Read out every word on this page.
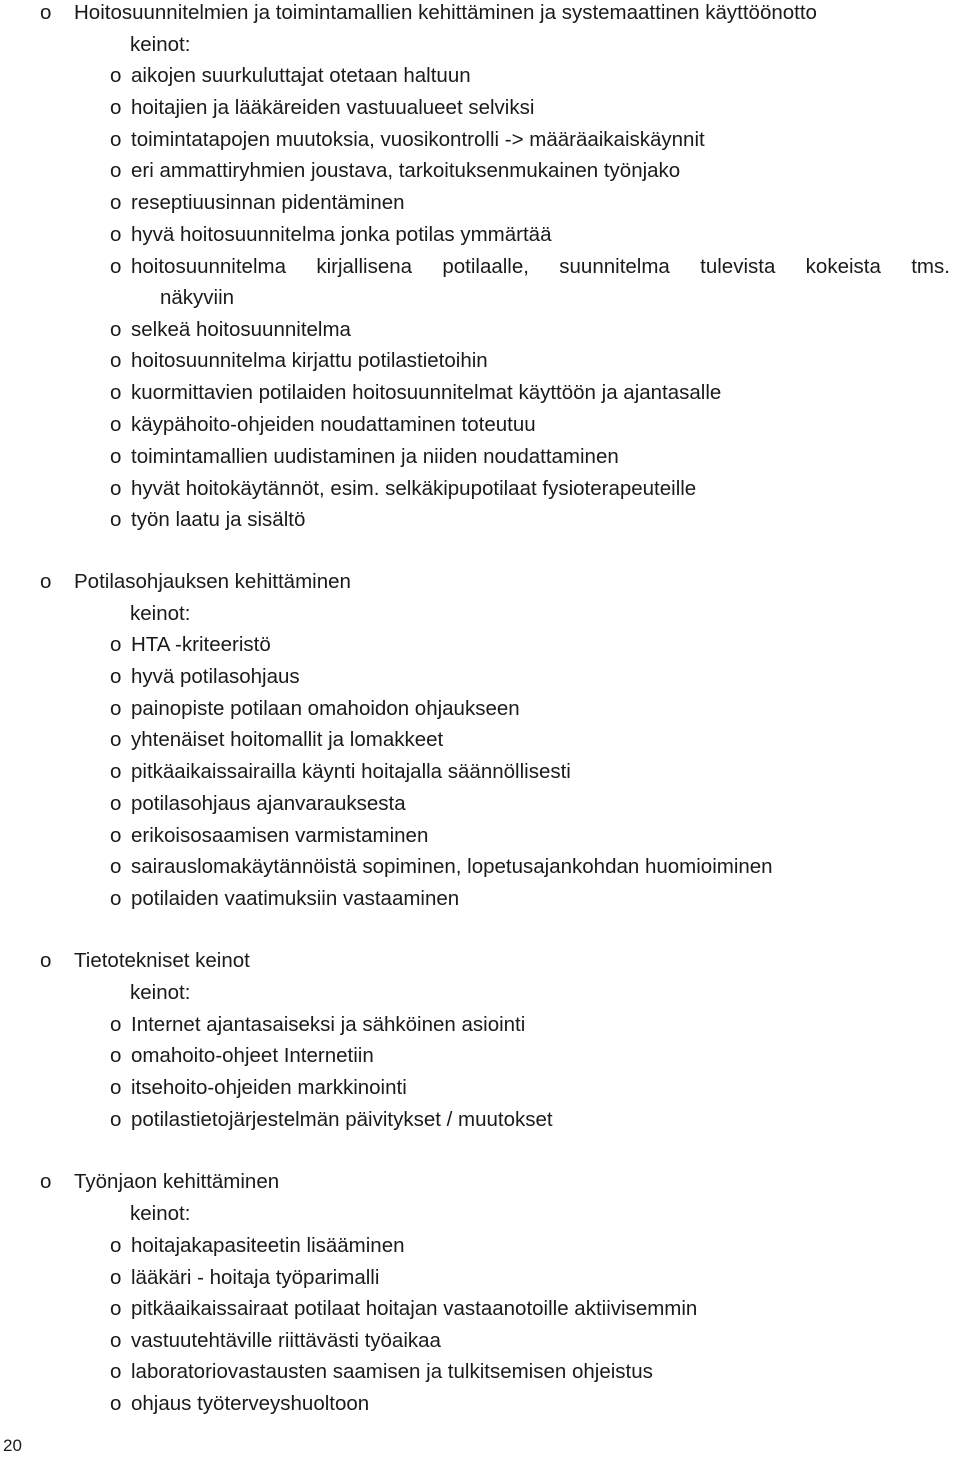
o Hoitosuunnitelmien ja toimintamallien kehittäminen ja systemaattinen käyttöönotto
keinot:
o aikojen suurkuluttajat otetaan haltuun
o hoitajien ja lääkäreiden vastuualueet selviksi
o toimintatapojen muutoksia, vuosikontrolli -> määräaikaiskäynnit
o eri ammattiryhmien joustava, tarkoituksenmukainen työnjako
o reseptiuusinnan pidentäminen
o hyvä hoitosuunnitelma jonka potilas ymmärtää
o hoitosuunnitelma kirjallisena potilaalle, suunnitelma tulevista kokeista tms.
näkyviin
o selkeä hoitosuunnitelma
o hoitosuunnitelma kirjattu potilastietoihin
o kuormittavien potilaiden hoitosuunnitelmat käyttöön ja ajantasalle
o käypähoito-ohjeiden noudattaminen toteutuu
o toimintamallien uudistaminen ja niiden noudattaminen
o hyvät hoitokäytännöt, esim. selkäkipupotilaat fysioterapeuteille
o työn laatu ja sisältö
o Potilasohjauksen kehittäminen
keinot:
o HTA -kriteeristö
o hyvä potilasohjaus
o painopiste potilaan omahoidon ohjaukseen
o yhtenäiset hoitomallit ja lomakkeet
o pitkäaikaissairailla käynti hoitajalla säännöllisesti
o potilasohjaus ajanvarauksesta
o erikoisosaamisen varmistaminen
o sairauslomakäytännöistä sopiminen, lopetusajankohdan huomioiminen
o potilaiden vaatimuksiin vastaaminen
o Tietotekniset keinot
keinot:
o Internet ajantasaiseksi ja sähköinen asiointi
o omahoito-ohjeet Internetiin
o itsehoito-ohjeiden markkinointi
o potilastietojärjestelmän päivitykset / muutokset
o Työnjaon kehittäminen
keinot:
o hoitajakapasiteetin lisääminen
o lääkäri - hoitaja työparimalli
o pitkäaikaissairaat potilaat hoitajan vastaanotoille aktiivisemmin
o vastuutehtäville riittävästi työaikaa
o laboratoriovastausten saamisen ja tulkitsemisen ohjeistus
o ohjaus työterveyshuoltoon
20
